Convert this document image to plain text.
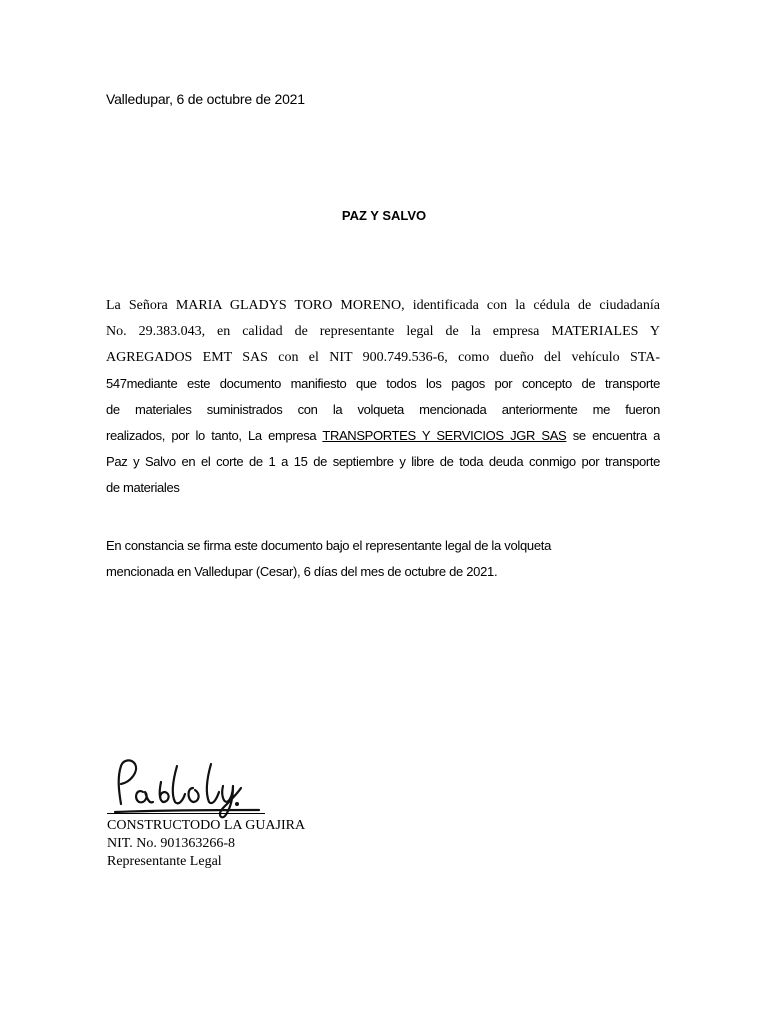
Valledupar, 6 de octubre de 2021
PAZ Y SALVO
La Señora MARIA GLADYS TORO MORENO, identificada con la cédula de ciudadanía
No. 29.383.043, en calidad de representante legal de la empresa MATERIALES Y
AGREGADOS EMT SAS con el NIT 900.749.536-6, como dueño del vehículo STA-
547mediante este documento manifiesto que todos los pagos por concepto de transporte
de materiales suministrados con la volqueta mencionada anteriormente me fueron
realizados, por lo tanto, La empresa TRANSPORTES Y SERVICIOS JGR SAS se encuentra a
Paz y Salvo en el corte de 1 a 15 de septiembre y libre de toda deuda conmigo por transporte
de materiales
En constancia se firma este documento bajo el representante legal de la volqueta
mencionada en Valledupar (Cesar), 6 días del mes de octubre de 2021.
CONSTRUCTODO LA GUAJIRA
NIT. No. 901363266-8
Representante Legal
